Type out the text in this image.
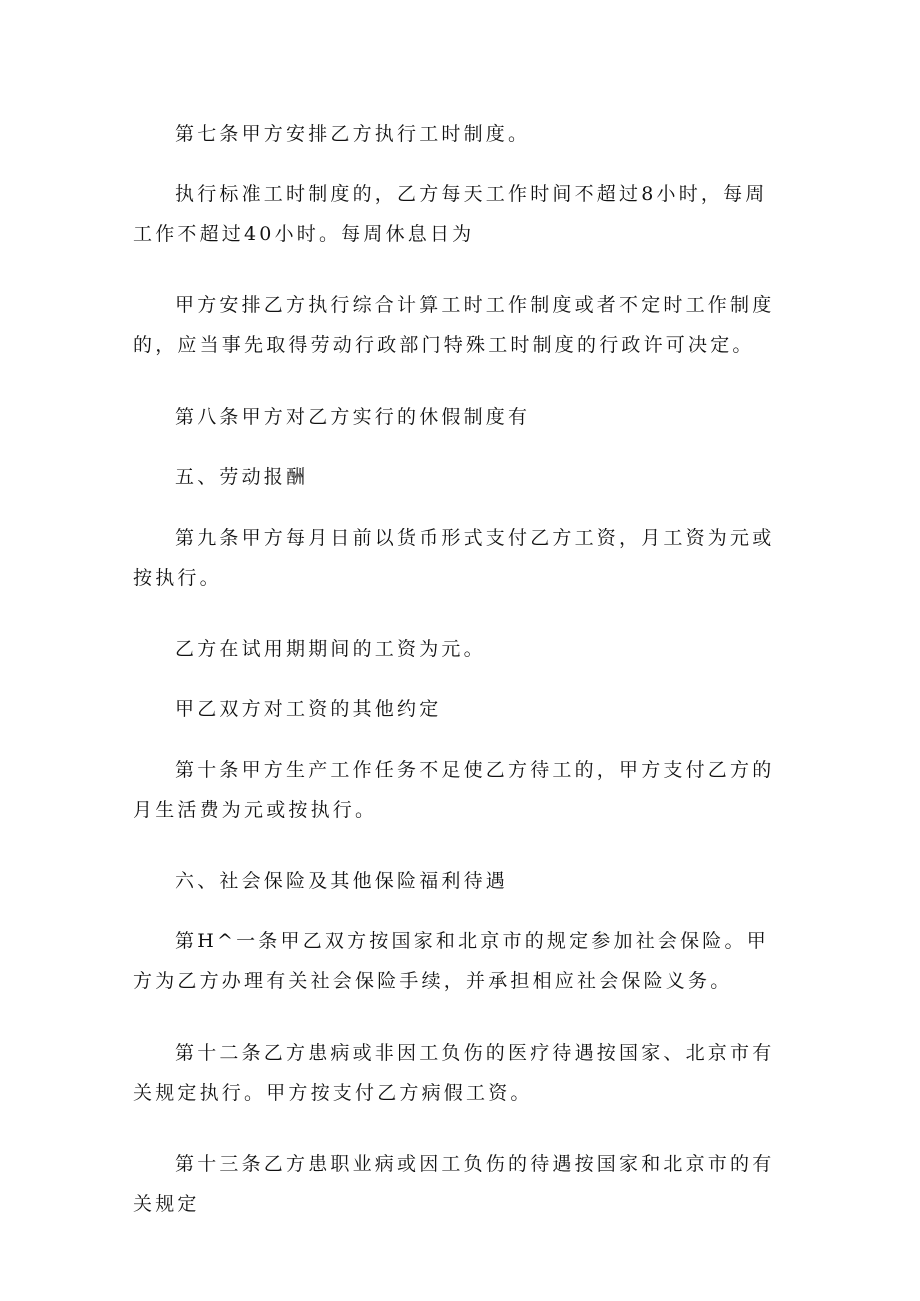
第七条甲方安排乙方执行工时制度。

执行标准工时制度的，乙方每天工作时间不超过8小时，每周工作不超过40小时。每周休息日为

甲方安排乙方执行综合计算工时工作制度或者不定时工作制度的，应当事先取得劳动行政部门特殊工时制度的行政许可决定。

第八条甲方对乙方实行的休假制度有

五、劳动报酬

第九条甲方每月日前以货币形式支付乙方工资，月工资为元或按执行。

乙方在试用期期间的工资为元。

甲乙双方对工资的其他约定

第十条甲方生产工作任务不足使乙方待工的，甲方支付乙方的月生活费为元或按执行。

六、社会保险及其他保险福利待遇

第H^一条甲乙双方按国家和北京市的规定参加社会保险。甲方为乙方办理有关社会保险手续，并承担相应社会保险义务。

第十二条乙方患病或非因工负伤的医疗待遇按国家、北京市有关规定执行。甲方按支付乙方病假工资。

第十三条乙方患职业病或因工负伤的待遇按国家和北京市的有关规定
